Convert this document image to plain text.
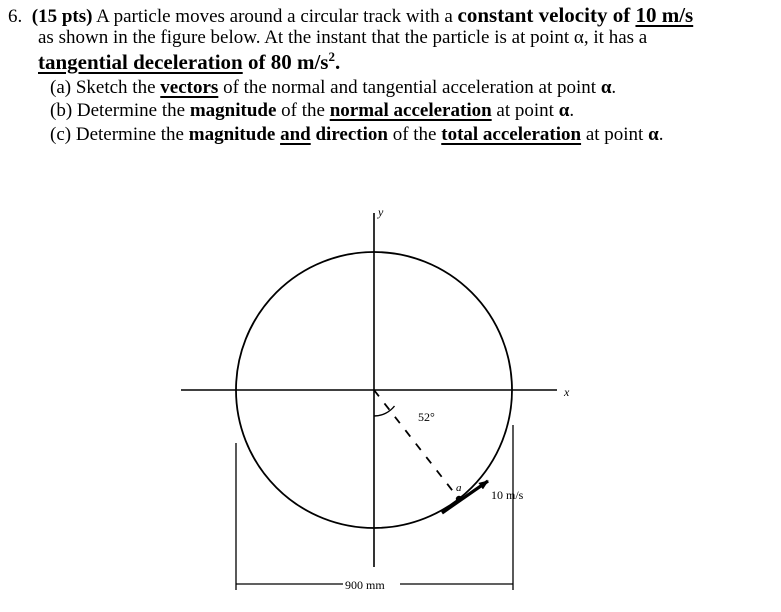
6. (15 pts) A particle moves around a circular track with a constant velocity of 10 m/s
as shown in the figure below. At the instant that the particle is at point α, it has a
tangential deceleration of 80 $m/s^2$.
(a) Sketch the vectors of the normal and tangential acceleration at point α.
(b) Determine the magnitude of the normal acceleration at point α.
(c) Determine the magnitude and direction of the total acceleration at point α.
y
x
52°
a 10 m/s
900 mm
